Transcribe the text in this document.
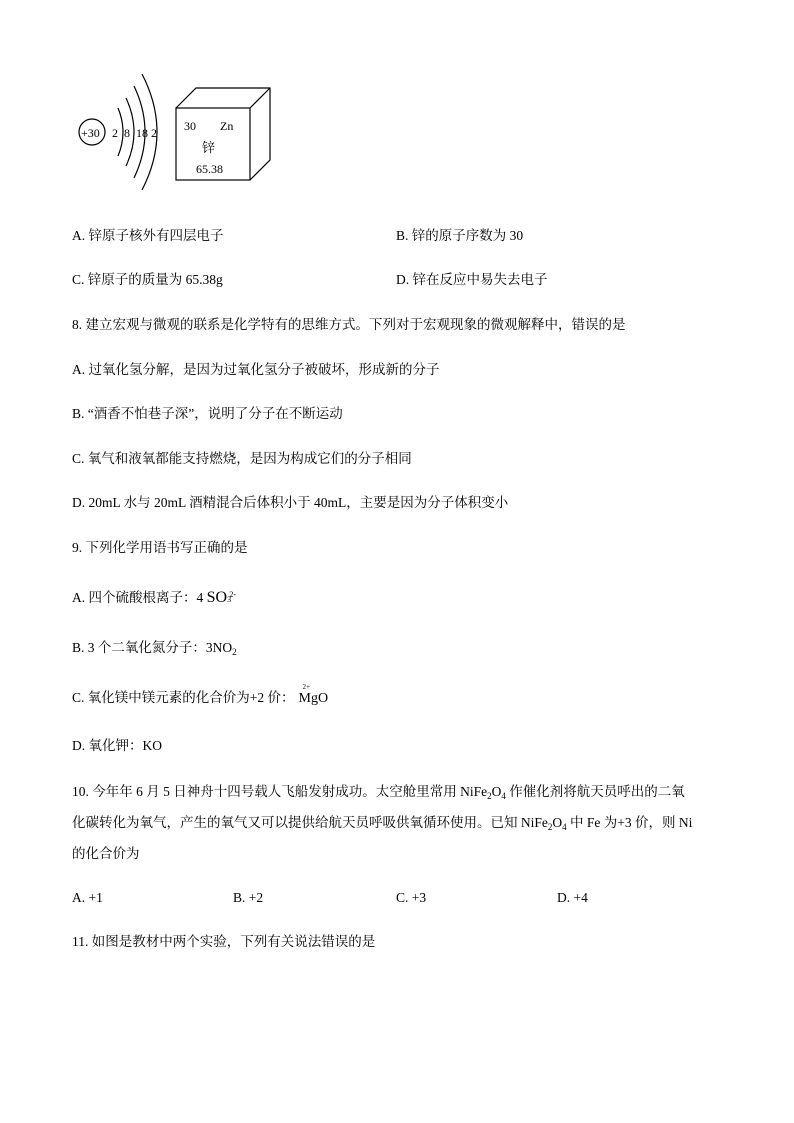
+30 2 8 18 2 30 Zn
锌
65.38
A. 锌原子核外有四层电子	B. 锌的原子序数为 30
C. 锌原子的质量为 65.38g	D. 锌在反应中易失去电子
8. 建立宏观与微观的联系是化学特有的思维方式。下列对于宏观现象的微观解释中，错误的是
A. 过氧化氢分解，是因为过氧化氢分子被破坏，形成新的分子
B. “酒香不怕巷子深”，说明了分子在不断运动
C. 氧气和液氧都能支持燃烧，是因为构成它们的分子相同
D. 20mL 水与 20mL 酒精混合后体积小于 40mL，主要是因为分子体积变小
9. 下列化学用语书写正确的是
A. 四个硫酸根离子：4 SO3
2-
B. 3 个二氧化氮分子：$3NO_2$
C. 氧化镁中镁元素的化合价为+2 价：
2+
MgO
D. 氧化钾：KO
10. 今年年 6 月 5 日神舟十四号载人飞船发射成功。太空舱里常用 $NiFe_2O_4$ 作催化剂将航天员呼出的二氧
化碳转化为氧气，产生的氧气又可以提供给航天员呼吸供氧循环使用。已知 $NiFe_2O_4$ 中 Fe 为+3 价，则 Ni
的化合价为
A. +1	B. +2	C. +3	D. +4
11. 如图是教材中两个实验，下列有关说法错误的是
